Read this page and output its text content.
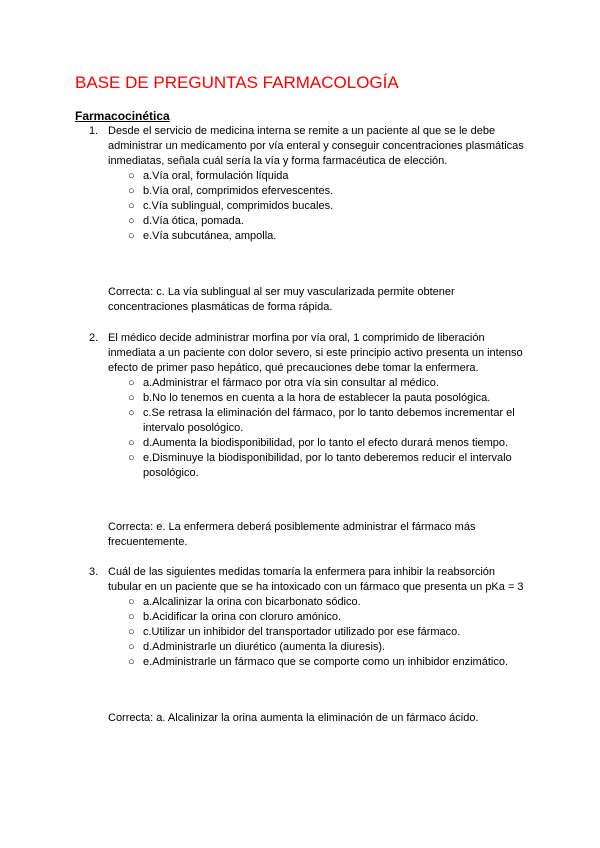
BASE DE PREGUNTAS FARMACOLOGÍA
Farmacocinética
1. Desde el servicio de medicina interna se remite a un paciente al que se le debe administrar un medicamento por vía enteral y conseguir concentraciones plasmáticas inmediatas, señala cuál sería la vía y forma farmacéutica de elección.

○ a.Vía oral, formulación líquida
○ b.Vía oral, comprimidos efervescentes.
○ c.Vía sublingual, comprimidos bucales.
○ d.Vía ótica, pomada.
○ e.Vía subcutánea, ampolla.

Correcta: c. La vía sublingual al ser muy vascularizada permite obtener concentraciones plasmáticas de forma rápida.

2. El médico decide administrar morfina por vía oral, 1 comprimido de liberación inmediata a un paciente con dolor severo, si este principio activo presenta un intenso efecto de primer paso hepático, qué precauciones debe tomar la enfermera.

○ a.Administrar el fármaco por otra vía sin consultar al médico.
○ b.No lo tenemos en cuenta a la hora de establecer la pauta posológica.
○ c.Se retrasa la eliminación del fármaco, por lo tanto debemos incrementar el intervalo posológico.
○ d.Aumenta la biodisponibilidad, por lo tanto el efecto durará menos tiempo.
○ e.Disminuye la biodisponibilidad, por lo tanto deberemos reducir el intervalo posológico.

Correcta: e. La enfermera deberá posiblemente administrar el fármaco más frecuentemente.

3. Cuál de las siguientes medidas tomaría la enfermera para inhibir la reabsorción tubular en un paciente que se ha intoxicado con un fármaco que presenta un pKa = 3

○ a.Alcalinizar la orina con bicarbonato sódico.
○ b.Acidificar la orina con cloruro amónico.
○ c.Utilizar un inhibidor del transportador utilizado por ese fármaco.
○ d.Administrarle un diurético (aumenta la diuresis).
○ e.Administrarle un fármaco que se comporte como un inhibidor enzimático.

Correcta: a. Alcalinizar la orina aumenta la eliminación de un fármaco ácido.
